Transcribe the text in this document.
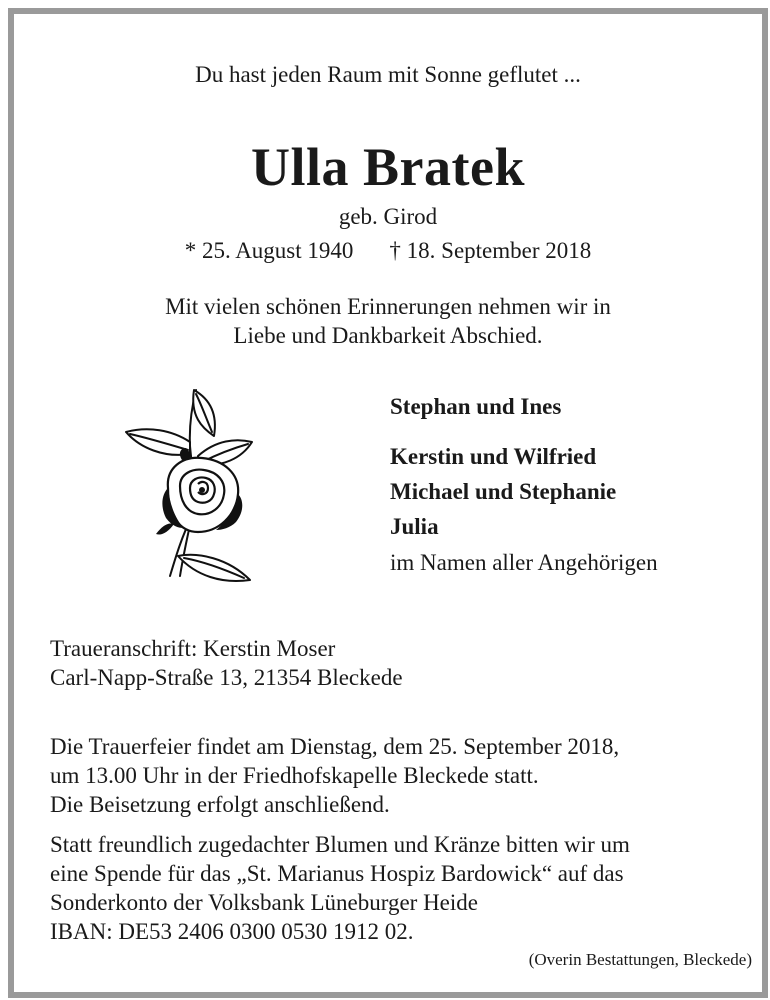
Du hast jeden Raum mit Sonne geflutet ...
Ulla Bratek
geb. Girod
* 25. August 1940 † 18. September 2018
Mit vielen schönen Erinnerungen nehmen wir in
Liebe und Dankbarkeit Abschied.
Stephan und Ines
Kerstin und Wilfried
Michael und Stephanie
Julia
im Namen aller Angehörigen
Traueranschrift: Kerstin Moser
Carl-Napp-Straße 13, 21354 Bleckede
Die Trauerfeier findet am Dienstag, dem 25. September 2018,
um 13.00 Uhr in der Friedhofskapelle Bleckede statt.
Die Beisetzung erfolgt anschließend.
Statt freundlich zugedachter Blumen und Kränze bitten wir um
eine Spende für das „St. Marianus Hospiz Bardowick“ auf das
Sonderkonto der Volksbank Lüneburger Heide
IBAN: DE53 2406 0300 0530 1912 02.
(Overin Bestattungen, Bleckede)
